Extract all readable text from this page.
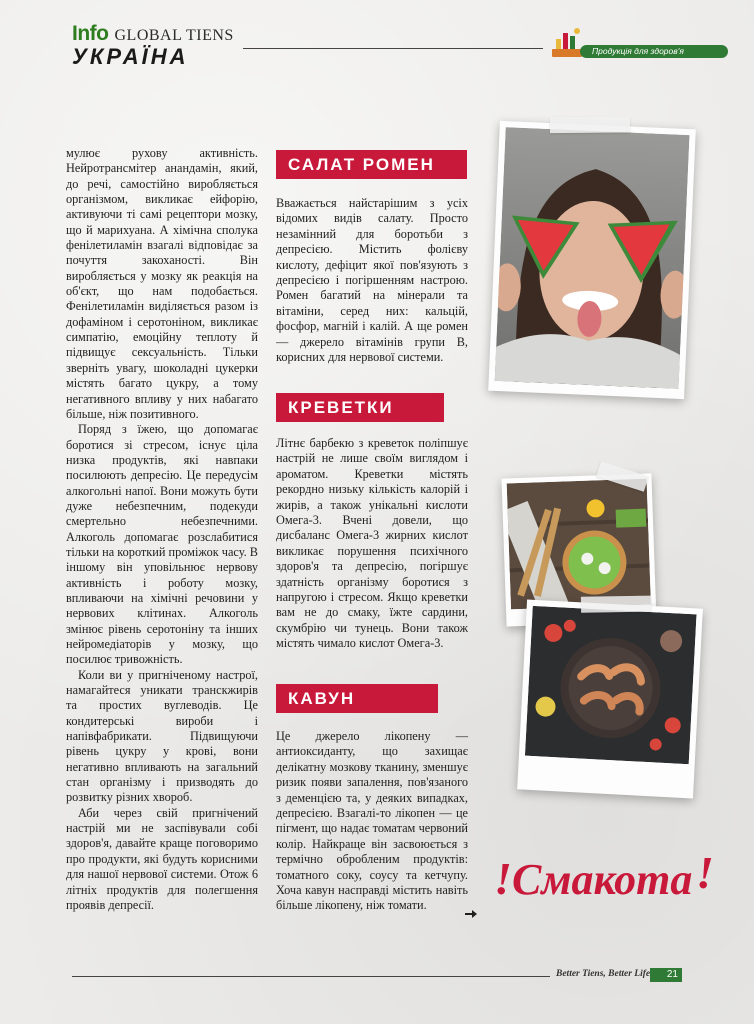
Info GLOBAL TIENS
УКРАЇНА	Продукція для здоров'я

мулює рухову активність. Нейротрансмітер анандамін, який, до речі, самостійно виробляється організмом, викликає ейфорію, активуючи ті самі рецептори мозку, що й марихуана. А хімічна сполука фенілетиламін взагалі відповідає за почуття закоханості. Він виробляється у мозку як реакція на об'єкт, що нам подобається. Фенілетиламін виділяється разом із дофаміном і серотоніном, викликає симпатію, емоційну теплоту й підвищує сексуальність. Тільки зверніть увагу, шоколадні цукерки містять багато цукру, а тому негативного впливу у них набагато більше, ніж позитивного.

Поряд з їжею, що допомагає боротися зі стресом, існує ціла низка продуктів, які навпаки посилюють депресію. Це передусім алкогольні напої. Вони можуть бути дуже небезпечним, подекуди смертельно небезпечними. Алкоголь допомагає розслабитися тільки на короткий проміжок часу. В іншому він уповільнює нервову активність і роботу мозку, впливаючи на хімічні речовини у нервових клітинах. Алкоголь змінює рівень серотоніну та інших нейромедіаторів у мозку, що посилює тривожність.

Коли ви у пригніченому настрої, намагайтеся уникати транскжирів та простих вуглеводів. Це кондитерські вироби і напівфабрикати. Підвищуючи рівень цукру у крові, вони негативно впливають на загальний стан організму і призводять до розвитку різних хвороб.

Аби через свій пригнічений настрій ми не заспівували собі здоров'я, давайте краще поговоримо про продукти, які будуть корисними для нашої нервової системи. Отож 6 літніх продуктів для полегшення проявів депресії.

САЛАТ РОМЕН

Вважається найстарішим з усіх відомих видів салату. Просто незамінний для боротьби з депресією. Містить фолієву кислоту, дефіцит якої пов'язують з депресією і погіршенням настрою. Ромен багатий на мінерали та вітаміни, серед них: кальцій, фосфор, магній і калій. А ще ромен — джерело вітамінів групи В, корисних для нервової системи.

КРЕВЕТКИ

Літнє барбекю з креветок поліпшує настрій не лише своїм виглядом і ароматом. Креветки містять рекордно низьку кількість калорій і жирів, а також унікальні кислоти Омега-3. Вчені довели, що дисбаланс Омега-3 жирних кислот викликає порушення психічного здоров'я та депресію, погіршує здатність організму боротися з напругою і стресом. Якщо креветки вам не до смаку, їжте сардини, скумбрію чи тунець. Вони також містять чимало кислот Омега-3.

КАВУН

Це джерело лікопену — антиоксиданту, що захищає делікатну мозкову тканину, зменшує ризик появи запалення, пов'язаного з деменцією та, у деяких випадках, депресією. Взагалі-то лікопен — це пігмент, що надає томатам червоний колір. Найкраще він засвоюється з термічно обробленим продуктів: томатного соку, соусу та кетчупу. Хоча кавун насправді містить навіть більше лікопену, ніж томати.

! Смакота !
Better Tiens, Better Life	21
